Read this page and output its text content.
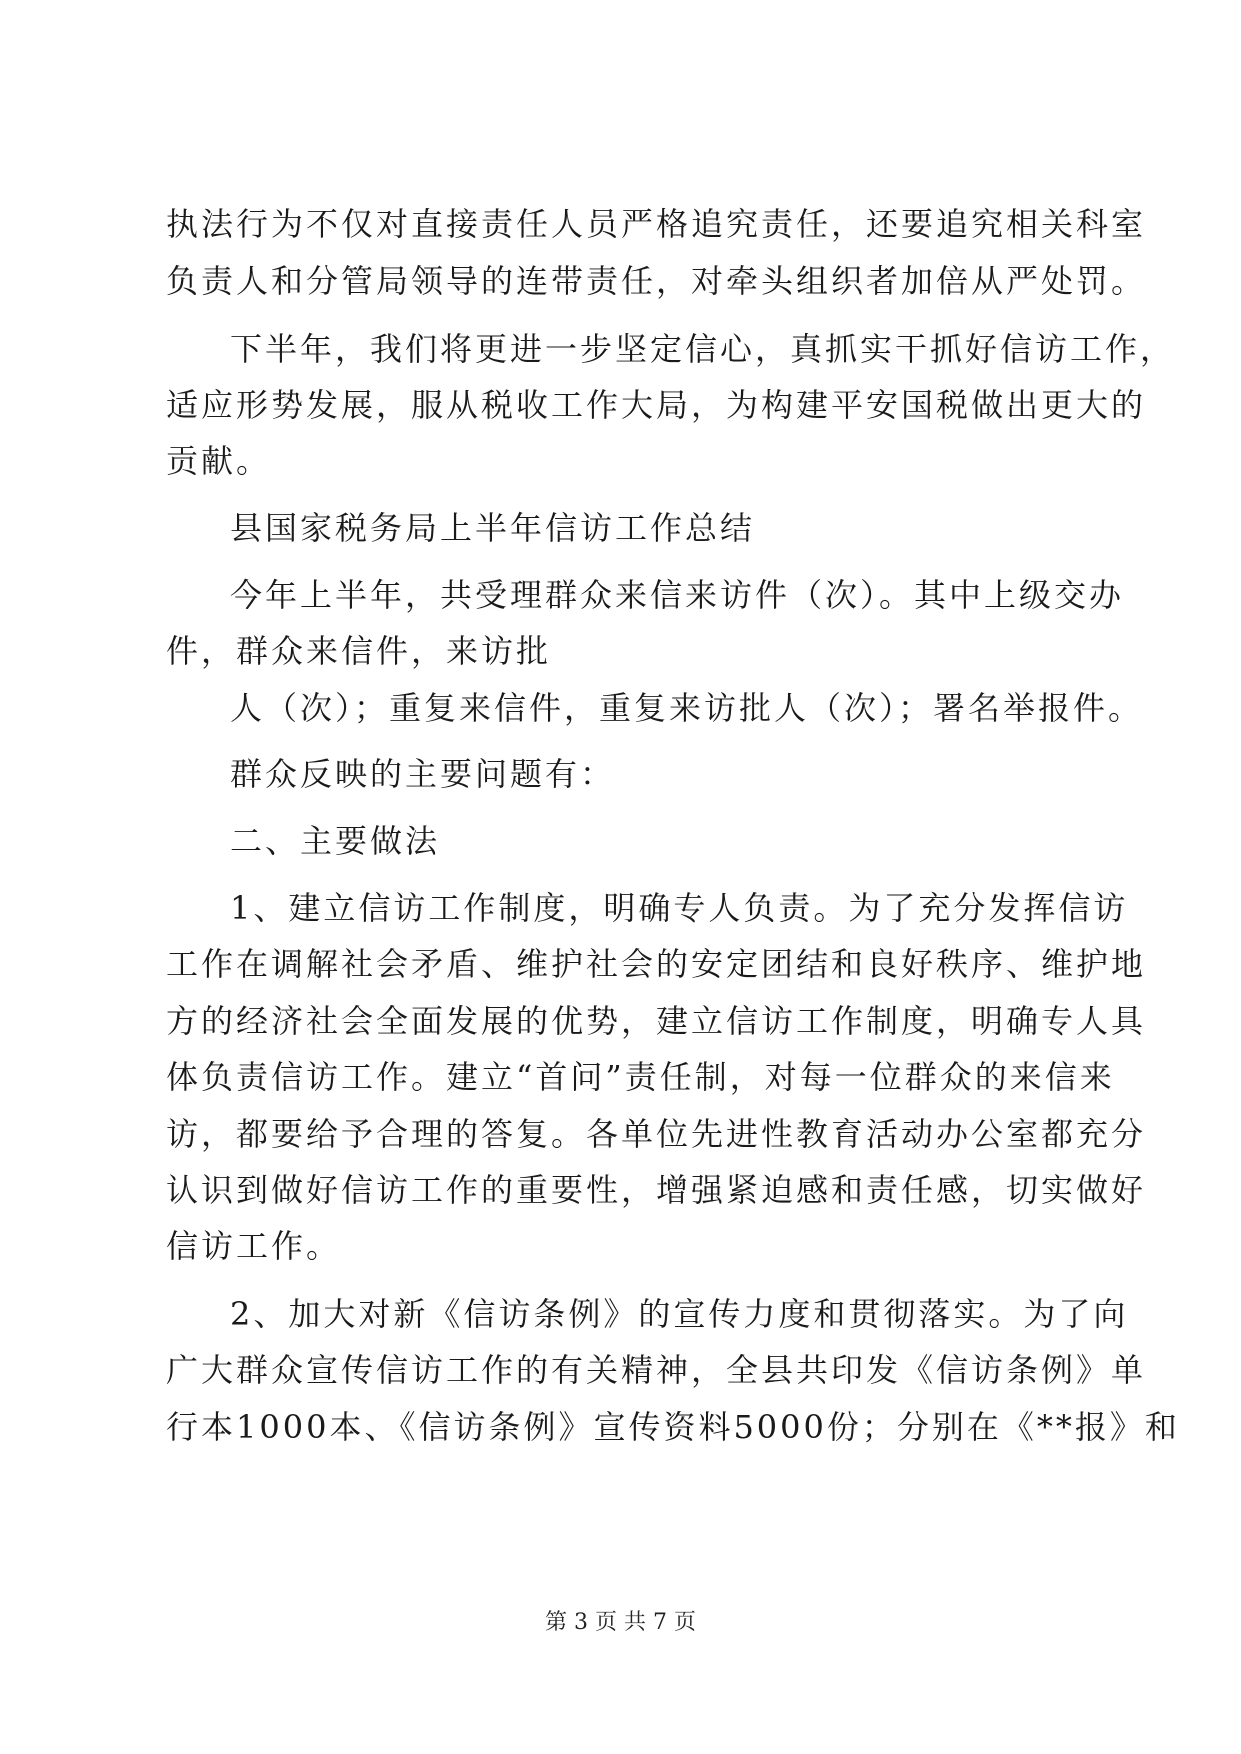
执法行为不仅对直接责任人员严格追究责任，还要追究相关科室
负责人和分管局领导的连带责任，对牵头组织者加倍从严处罚。
下半年，我们将更进一步坚定信心，真抓实干抓好信访工作，
适应形势发展，服从税收工作大局，为构建平安国税做出更大的
贡献。
县国家税务局上半年信访工作总结
今年上半年，共受理群众来信来访件（次）。其中上级交办
件，群众来信件，来访批
人（次）；重复来信件，重复来访批人（次）；署名举报件。
群众反映的主要问题有：
二、主要做法
1、建立信访工作制度，明确专人负责。为了充分发挥信访
工作在调解社会矛盾、维护社会的安定团结和良好秩序、维护地
方的经济社会全面发展的优势，建立信访工作制度，明确专人具
体负责信访工作。建立“首问”责任制，对每一位群众的来信来
访，都要给予合理的答复。各单位先进性教育活动办公室都充分
认识到做好信访工作的重要性，增强紧迫感和责任感，切实做好
信访工作。
2、加大对新《信访条例》的宣传力度和贯彻落实。为了向
广大群众宣传信访工作的有关精神，全县共印发《信访条例》单
行本1000本、《信访条例》宣传资料5000份；分别在《**报》和
第 3 页 共 7 页
